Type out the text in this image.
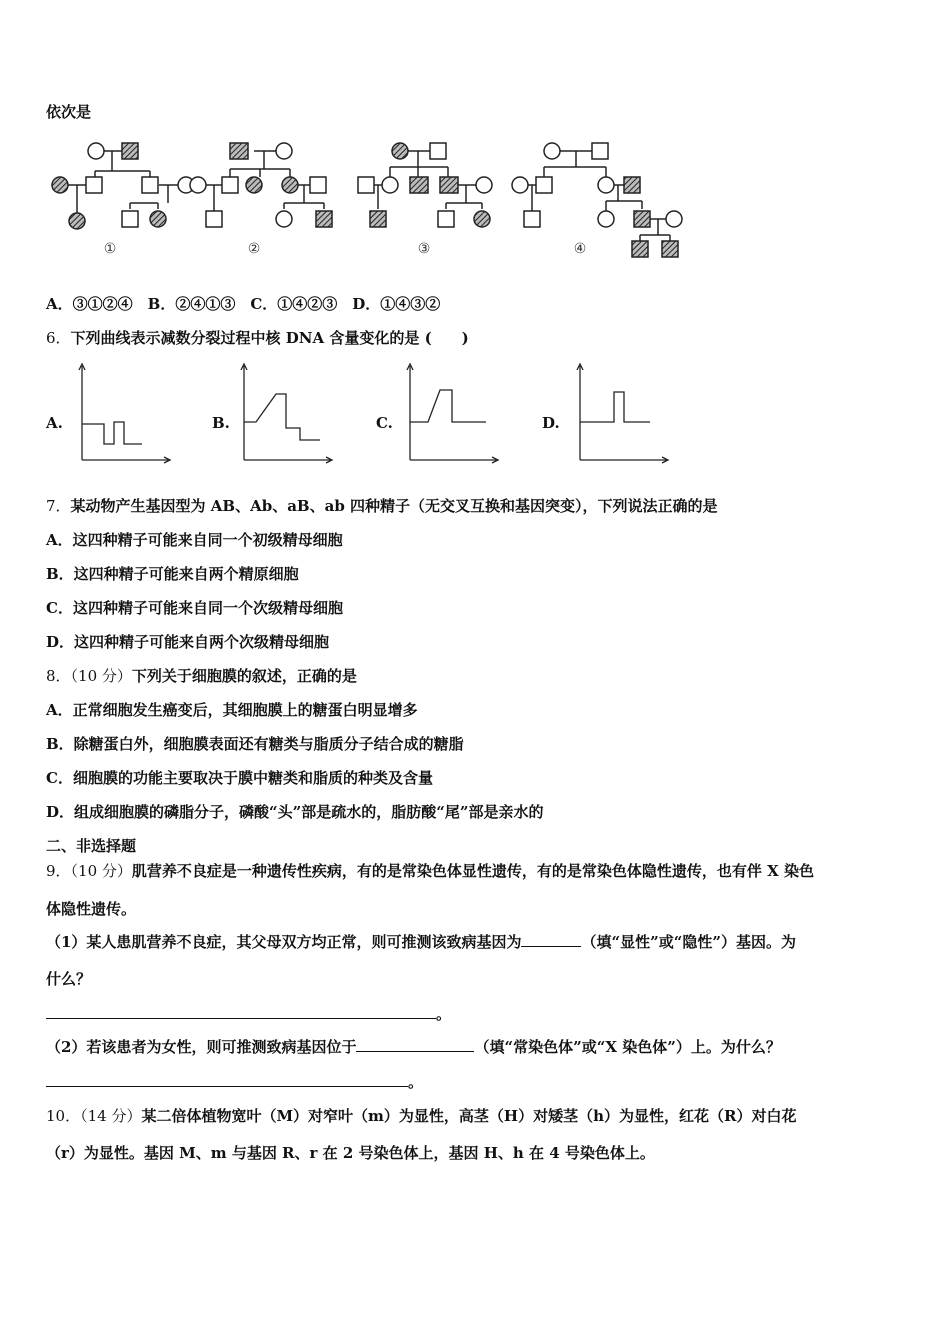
依次是
①	②	③	④
A．③①②④　B．②④①③　C．①④②③　D．①④③②
6．下列曲线表示减数分裂过程中核 DNA 含量变化的是 (　　)
A.	B.	C.	D.
7．某动物产生基因型为 AB、Ab、aB、ab 四种精子（无交叉互换和基因突变），下列说法正确的是
A．这四种精子可能来自同一个初级精母细胞
B．这四种精子可能来自两个精原细胞
C．这四种精子可能来自同一个次级精母细胞
D．这四种精子可能来自两个次级精母细胞
8．（10 分）下列关于细胞膜的叙述，正确的是
A．正常细胞发生癌变后，其细胞膜上的糖蛋白明显增多
B．除糖蛋白外，细胞膜表面还有糖类与脂质分子结合成的糖脂
C．细胞膜的功能主要取决于膜中糖类和脂质的种类及含量
D．组成细胞膜的磷脂分子，磷酸“头”部是疏水的，脂肪酸“尾”部是亲水的
二、非选择题
9．（10 分）肌营养不良症是一种遗传性疾病，有的是常染色体显性遗传，有的是常染色体隐性遗传，也有伴 X 染色
体隐性遗传。
（1）某人患肌营养不良症，其父母双方均正常，则可推测该致病基因为	（填“显性”或“隐性”）基因。为
什么？
。
（2）若该患者为女性，则可推测致病基因位于	（填“常染色体”或“X 染色体”）上。为什么？
。
10．（14 分）某二倍体植物宽叶（M）对窄叶（m）为显性，高茎（H）对矮茎（h）为显性，红花（R）对白花
（r）为显性。基因 M、m 与基因 R、r 在 2 号染色体上，基因 H、h 在 4 号染色体上。
